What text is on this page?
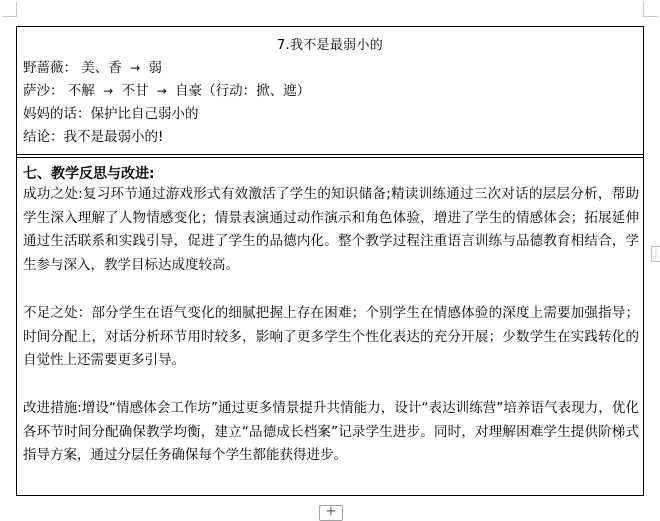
7.我不是最弱小的
野蔷薇： 美、香 → 弱
萨沙： 不解 → 不甘 → 自豪（行动：掀、遮）
妈妈的话：保护比自己弱小的
结论：我不是最弱小的!
七、教学反思与改进:
成功之处:复习环节通过游戏形式有效激活了学生的知识储备;精读训练通过三次对话的层层分析，帮助学生深入理解了人物情感变化；情景表演通过动作演示和角色体验，增进了学生的情感体会；拓展延伸通过生活联系和实践引导，促进了学生的品德内化。整个教学过程注重语言训练与品德教育相结合，学生参与深入，教学目标达成度较高。
不足之处：部分学生在语气变化的细腻把握上存在困难；个别学生在情感体验的深度上需要加强指导；时间分配上，对话分析环节用时较多，影响了更多学生个性化表达的充分开展；少数学生在实践转化的自觉性上还需要更多引导。
改进措施:增设“情感体会工作坊”通过更多情景提升共情能力，设计“表达训练营”培养语气表现力，优化各环节时间分配确保教学均衡，建立“品德成长档案”记录学生进步。同时，对理解困难学生提供阶梯式指导方案，通过分层任务确保每个学生都能获得进步。
⋮
+
